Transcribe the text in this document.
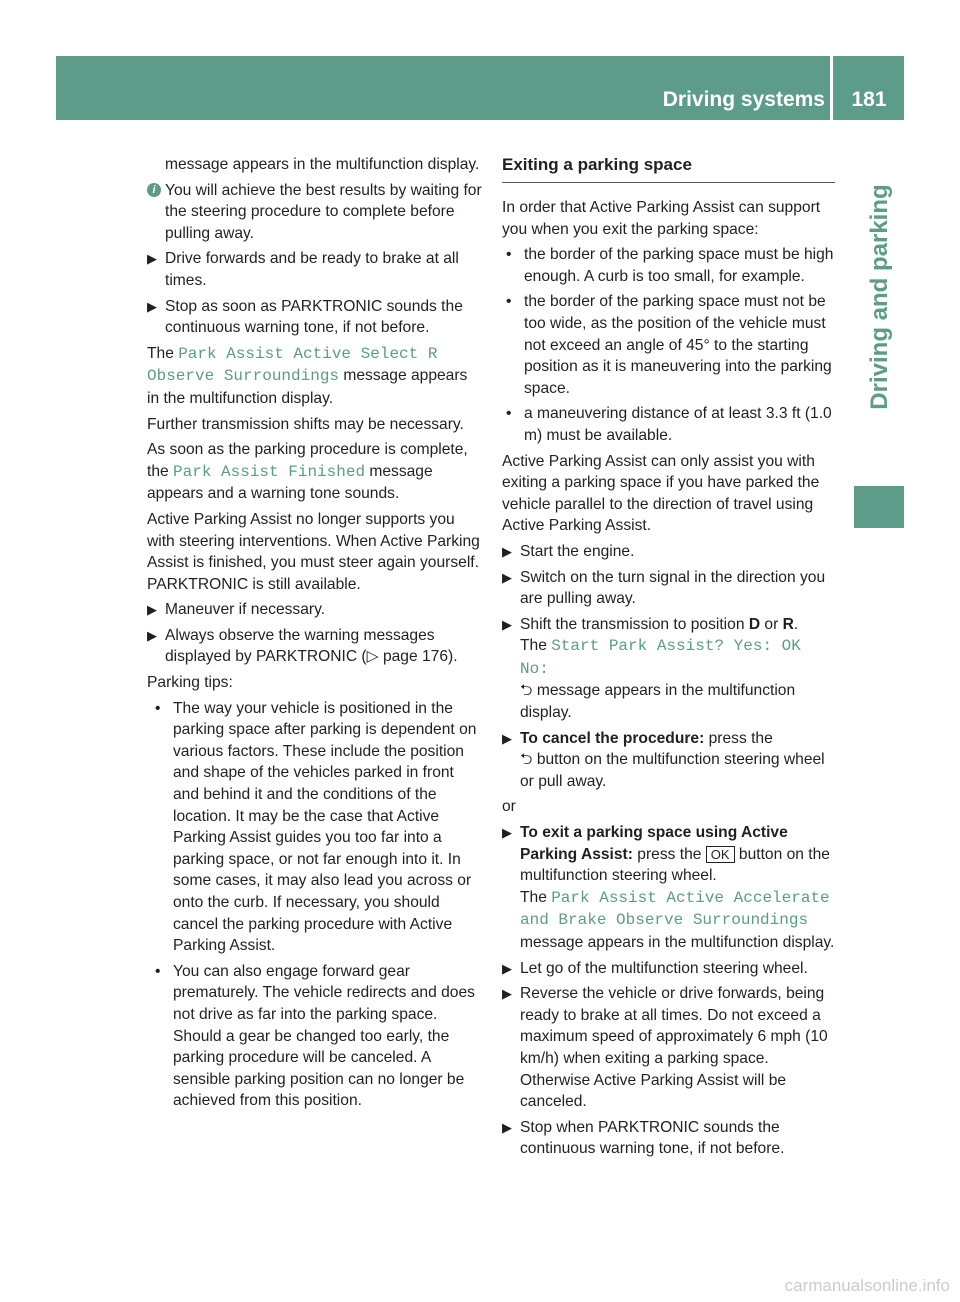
Driving systems	181
Driving and parking

message appears in the multifunction display.

i You will achieve the best results by waiting for the steering procedure to complete before pulling away.
▶ Drive forwards and be ready to brake at all times.
▶ Stop as soon as PARKTRONIC sounds the continuous warning tone, if not before.

The Park Assist Active Select R Observe Surroundings message appears in the multifunction display.

Further transmission shifts may be necessary.

As soon as the parking procedure is complete, the Park Assist Finished message appears and a warning tone sounds.

Active Parking Assist no longer supports you with steering interventions. When Active Parking Assist is finished, you must steer again yourself. PARKTRONIC is still available.

▶ Maneuver if necessary.
▶ Always observe the warning messages displayed by PARKTRONIC (▷ page 176).

Parking tips:

• The way your vehicle is positioned in the parking space after parking is dependent on various factors. These include the position and shape of the vehicles parked in front and behind it and the conditions of the location. It may be the case that Active Parking Assist guides you too far into a parking space, or not far enough into it. In some cases, it may also lead you across or onto the curb. If necessary, you should cancel the parking procedure with Active Parking Assist.
• You can also engage forward gear prematurely. The vehicle redirects and does not drive as far into the parking space. Should a gear be changed too early, the parking procedure will be canceled. A sensible parking position can no longer be achieved from this position.
Exiting a parking space

In order that Active Parking Assist can support you when you exit the parking space:

• the border of the parking space must be high enough. A curb is too small, for example.
• the border of the parking space must not be too wide, as the position of the vehicle must not exceed an angle of 45° to the starting position as it is maneuvering into the parking space.
• a maneuvering distance of at least 3.3 ft (1.0 m) must be available.

Active Parking Assist can only assist you with exiting a parking space if you have parked the vehicle parallel to the direction of travel using Active Parking Assist.

▶ Start the engine.
▶ Switch on the turn signal in the direction you are pulling away.
▶ Shift the transmission to position D or R.
The Start Park Assist? Yes: OK No:
⮌ message appears in the multifunction display.
▶ To cancel the procedure: press the
⮌ button on the multifunction steering wheel or pull away.

or

▶ To exit a parking space using Active Parking Assist: press the OK button on the multifunction steering wheel.
The Park Assist Active Accelerate and Brake Observe Surroundings message appears in the multifunction display.
▶ Let go of the multifunction steering wheel.
▶ Reverse the vehicle or drive forwards, being ready to brake at all times. Do not exceed a maximum speed of approximately 6 mph (10 km/h) when exiting a parking space. Otherwise Active Parking Assist will be canceled.
▶ Stop when PARKTRONIC sounds the continuous warning tone, if not before.
carmanualsonline.info
